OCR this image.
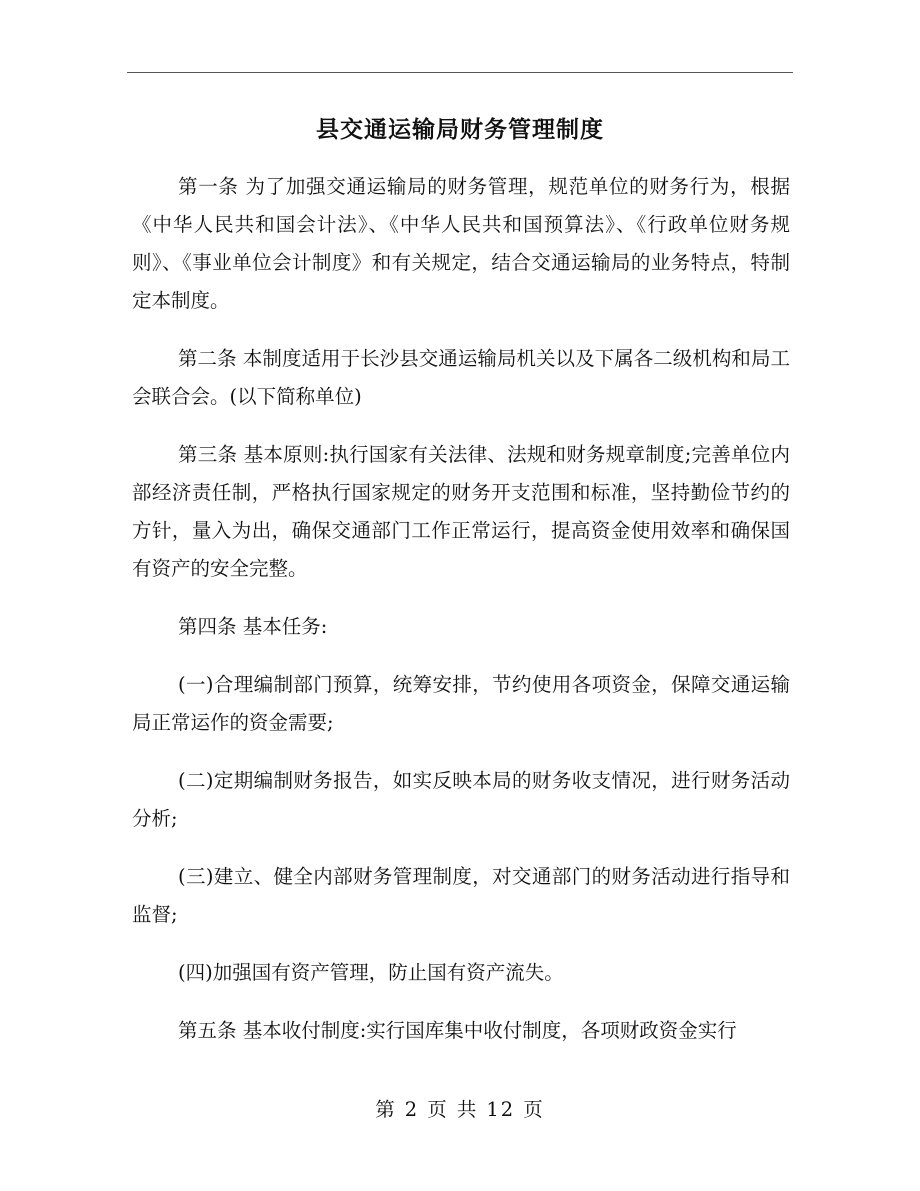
县交通运输局财务管理制度

第一条 为了加强交通运输局的财务管理，规范单位的财务行为，根据《中华人民共和国会计法》、《中华人民共和国预算法》、《行政单位财务规则》、《事业单位会计制度》和有关规定，结合交通运输局的业务特点，特制定本制度。

第二条 本制度适用于长沙县交通运输局机关以及下属各二级机构和局工会联合会。(以下简称单位)

第三条 基本原则:执行国家有关法律、法规和财务规章制度;完善单位内部经济责任制，严格执行国家规定的财务开支范围和标准，坚持勤俭节约的方针，量入为出，确保交通部门工作正常运行，提高资金使用效率和确保国有资产的安全完整。

第四条 基本任务:

(一)合理编制部门预算，统筹安排，节约使用各项资金，保障交通运输局正常运作的资金需要;

(二)定期编制财务报告，如实反映本局的财务收支情况，进行财务活动分析;

(三)建立、健全内部财务管理制度，对交通部门的财务活动进行指导和监督;

(四)加强国有资产管理，防止国有资产流失。

第五条 基本收付制度:实行国库集中收付制度，各项财政资金实行

第 2 页 共 12 页
